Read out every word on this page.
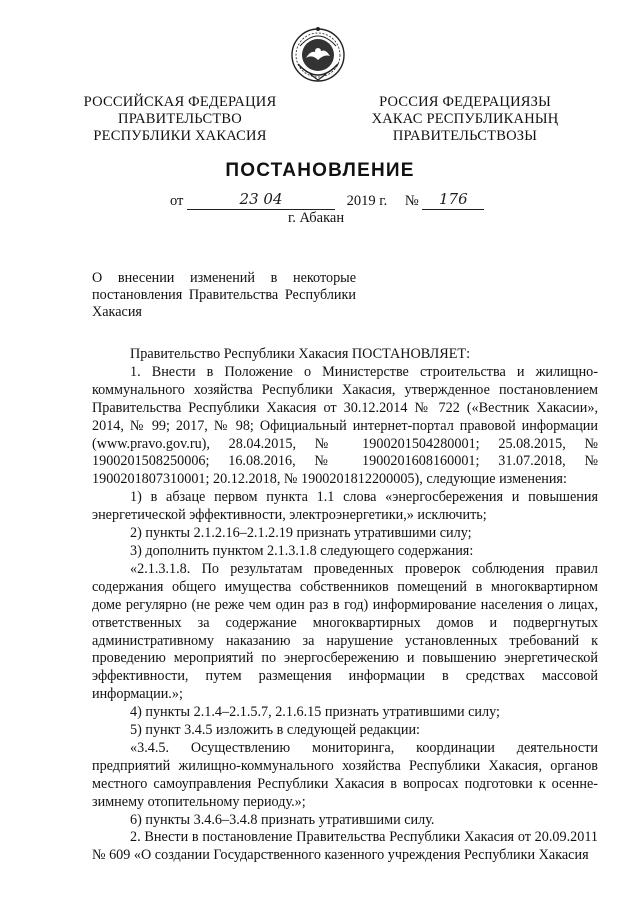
РОССИЙСКАЯ ФЕДЕРАЦИЯ
ПРАВИТЕЛЬСТВО
РЕСПУБЛИКИ ХАКАСИЯ
РОССИЯ ФЕДЕРАЦИЯЗЫ
ХАКАС РЕСПУБЛИКАНЫҢ
ПРАВИТЕЛЬСТВОЗЫ
ПОСТАНОВЛЕНИЕ
от	23 04	2019 г. № 176
г. Абакан
О внесении изменений в некоторые постановления Правительства Республики Хакасия

Правительство Республики Хакасия ПОСТАНОВЛЯЕТ:

1. Внести в Положение о Министерстве строительства и жилищно-коммунального хозяйства Республики Хакасия, утвержденное постановлением Правительства Республики Хакасия от 30.12.2014 № 722 («Вестник Хакасии», 2014, № 99; 2017, № 98; Официальный интернет-портал правовой информации (www.pravo.gov.ru), 28.04.2015, № 1900201504280001; 25.08.2015, № 1900201508250006; 16.08.2016, № 1900201608160001; 31.07.2018, № 1900201807310001; 20.12.2018, № 1900201812200005), следующие изменения:

1) в абзаце первом пункта 1.1 слова «энергосбережения и повышения энергетической эффективности, электроэнергетики,» исключить;

2) пункты 2.1.2.16–2.1.2.19 признать утратившими силу;

3) дополнить пунктом 2.1.3.1.8 следующего содержания:

«2.1.3.1.8. По результатам проведенных проверок соблюдения правил содержания общего имущества собственников помещений в многоквартирном доме регулярно (не реже чем один раз в год) информирование населения о лицах, ответственных за содержание многоквартирных домов и подвергнутых административному наказанию за нарушение установленных требований к проведению мероприятий по энергосбережению и повышению энергетической эффективности, путем размещения информации в средствах массовой информации.»;

4) пункты 2.1.4–2.1.5.7, 2.1.6.15 признать утратившими силу;

5) пункт 3.4.5 изложить в следующей редакции:

«3.4.5. Осуществлению мониторинга, координации деятельности предприятий жилищно-коммунального хозяйства Республики Хакасия, органов местного самоуправления Республики Хакасия в вопросах подготовки к осенне-зимнему отопительному периоду.»;

6) пункты 3.4.6–3.4.8 признать утратившими силу.

2. Внести в постановление Правительства Республики Хакасия от 20.09.2011 № 609 «О создании Государственного казенного учреждения Республики Хакасия
